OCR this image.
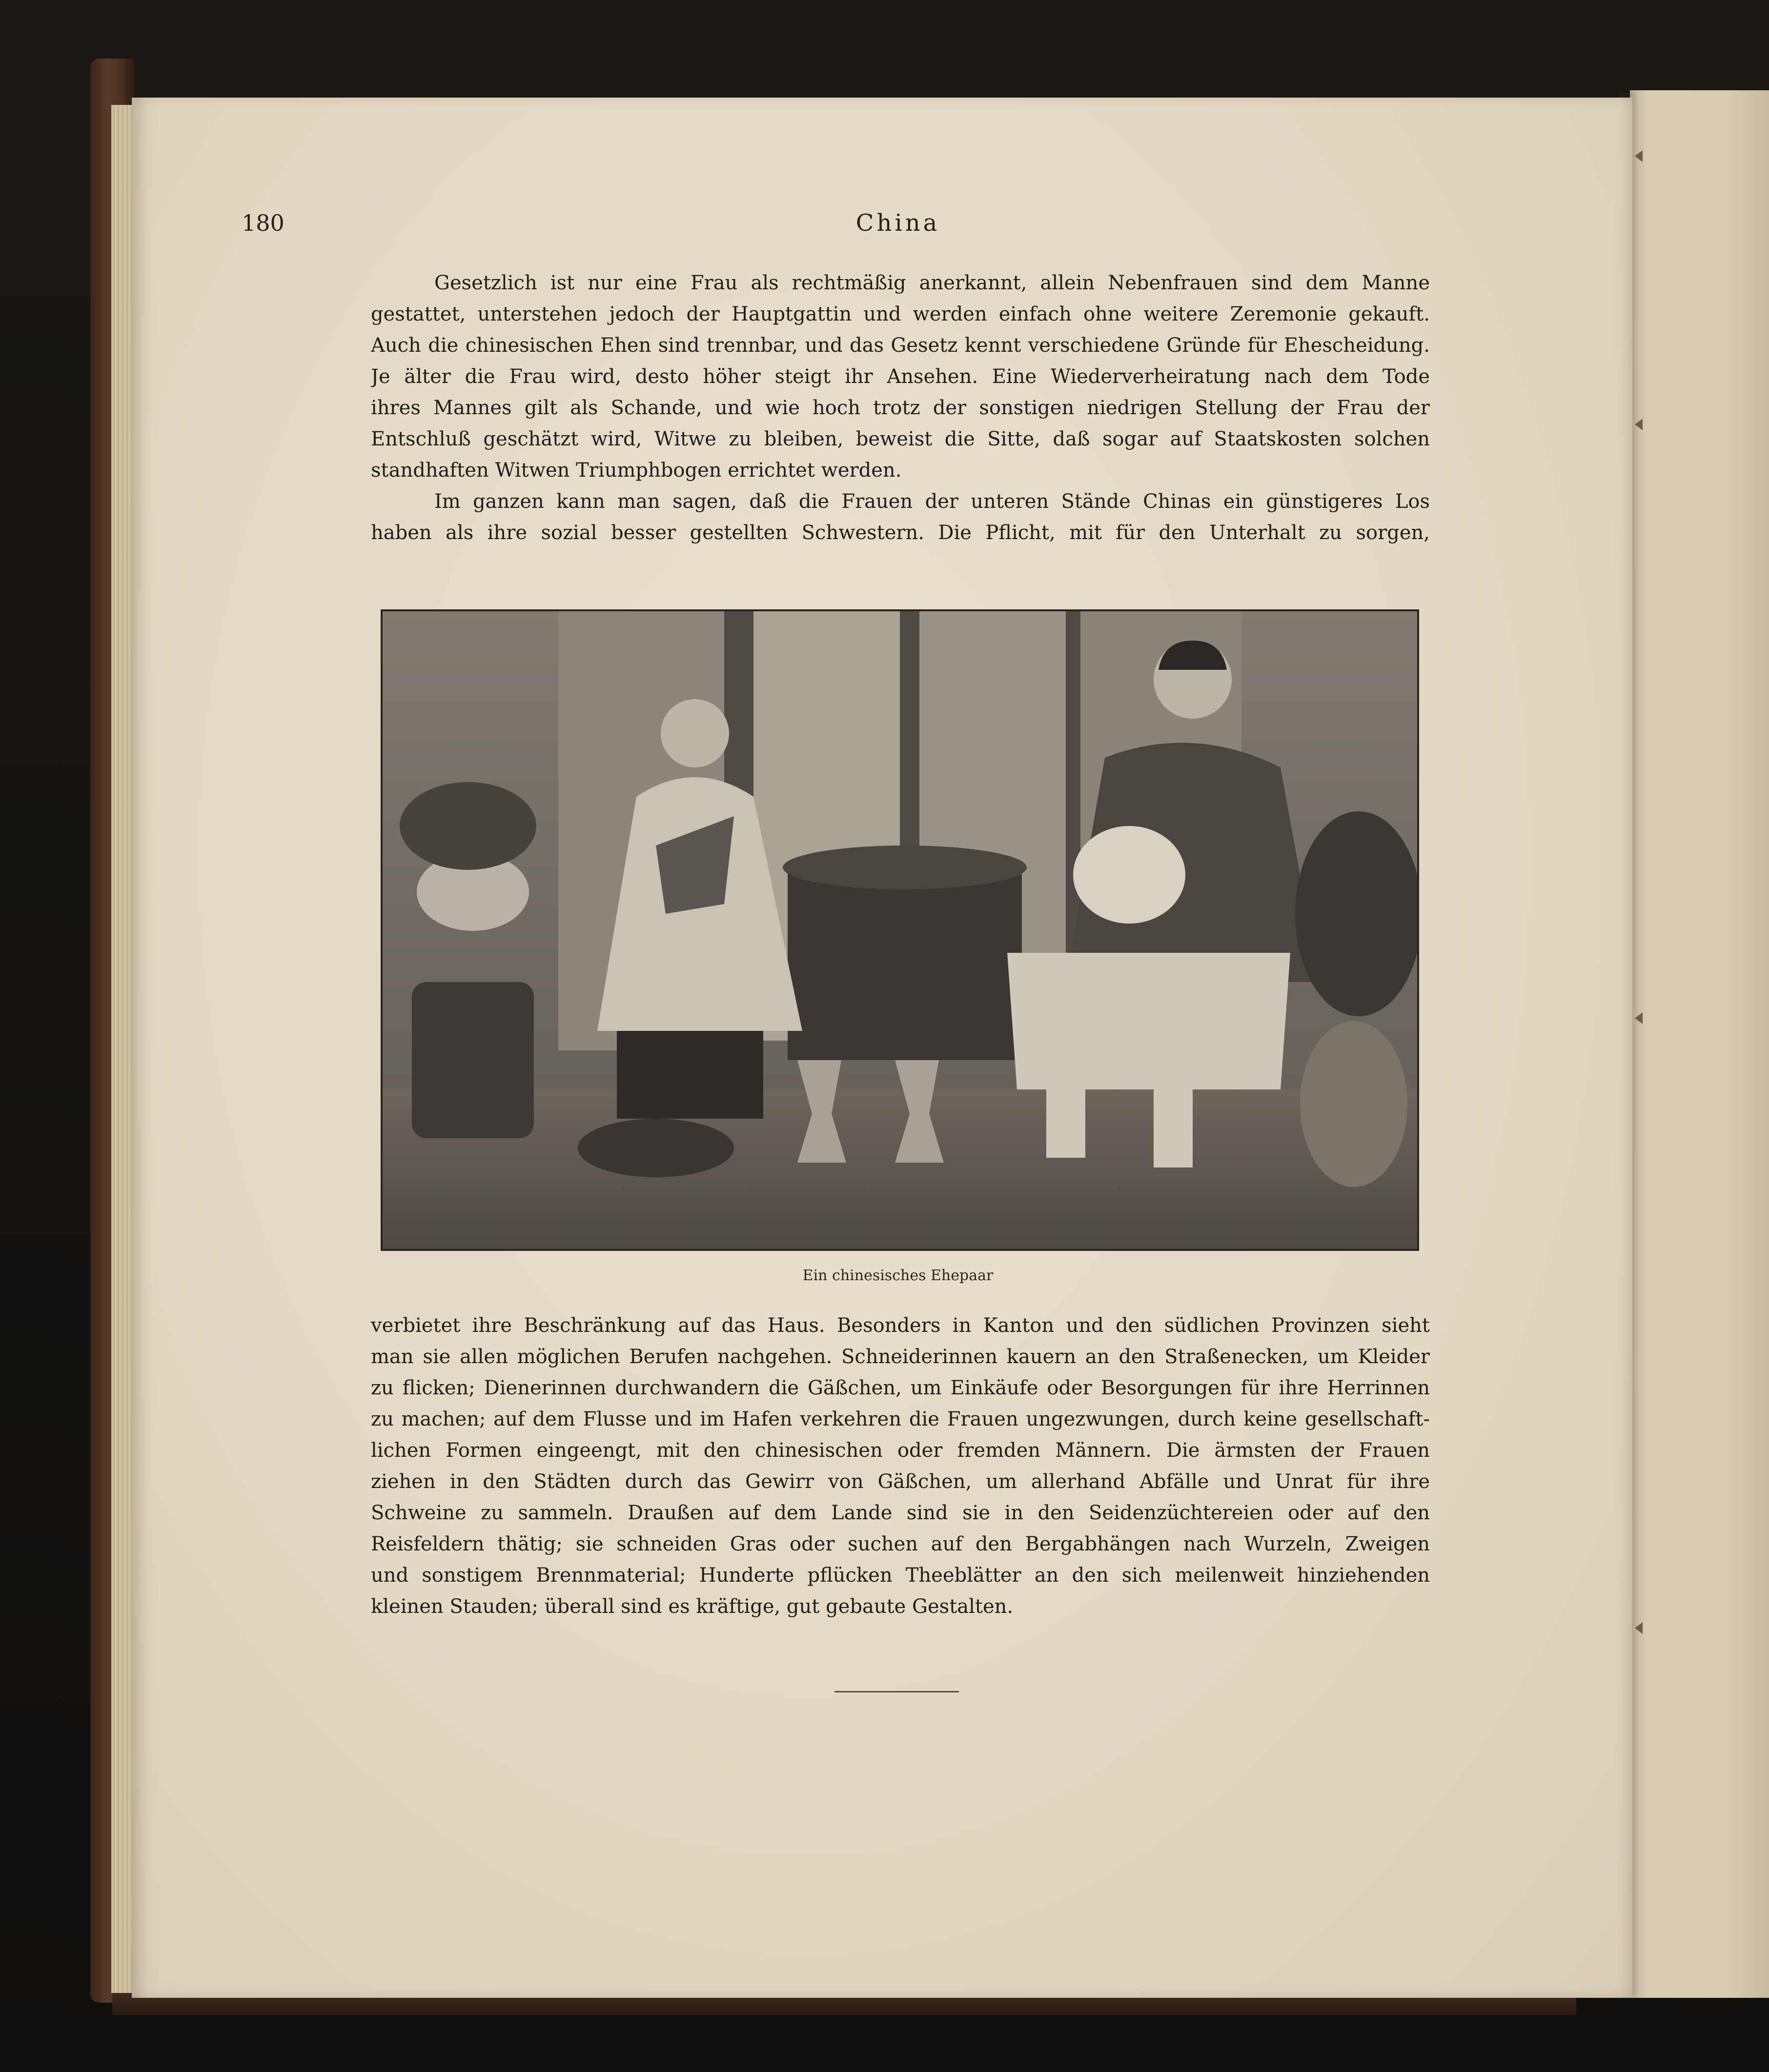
180	China
Gesetzlich ist nur eine Frau als rechtmäßig anerkannt, allein Nebenfrauen sind dem Manne
gestattet, unterstehen jedoch der Hauptgattin und werden einfach ohne weitere Zeremonie gekauft.
Auch die chinesischen Ehen sind trennbar, und das Gesetz kennt verschiedene Gründe für Ehescheidung.
Je älter die Frau wird, desto höher steigt ihr Ansehen. Eine Wiederverheiratung nach dem Tode
ihres Mannes gilt als Schande, und wie hoch trotz der sonstigen niedrigen Stellung der Frau der
Entschluß geschätzt wird, Witwe zu bleiben, beweist die Sitte, daß sogar auf Staatskosten solchen
standhaften Witwen Triumphbogen errichtet werden.
Im ganzen kann man sagen, daß die Frauen der unteren Stände Chinas ein günstigeres Los
haben als ihre sozial besser gestellten Schwestern. Die Pflicht, mit für den Unterhalt zu sorgen,
Ein chinesisches Ehepaar
verbietet ihre Beschränkung auf das Haus. Besonders in Kanton und den südlichen Provinzen sieht
man sie allen möglichen Berufen nachgehen. Schneiderinnen kauern an den Straßenecken, um Kleider
zu flicken; Dienerinnen durchwandern die Gäßchen, um Einkäufe oder Besorgungen für ihre Herrinnen
zu machen; auf dem Flusse und im Hafen verkehren die Frauen ungezwungen, durch keine gesellschaft-
lichen Formen eingeengt, mit den chinesischen oder fremden Männern. Die ärmsten der Frauen
ziehen in den Städten durch das Gewirr von Gäßchen, um allerhand Abfälle und Unrat für ihre
Schweine zu sammeln. Draußen auf dem Lande sind sie in den Seidenzüchtereien oder auf den
Reisfeldern thätig; sie schneiden Gras oder suchen auf den Bergabhängen nach Wurzeln, Zweigen
und sonstigem Brennmaterial; Hunderte pflücken Theeblätter an den sich meilenweit hinziehenden
kleinen Stauden; überall sind es kräftige, gut gebaute Gestalten.
